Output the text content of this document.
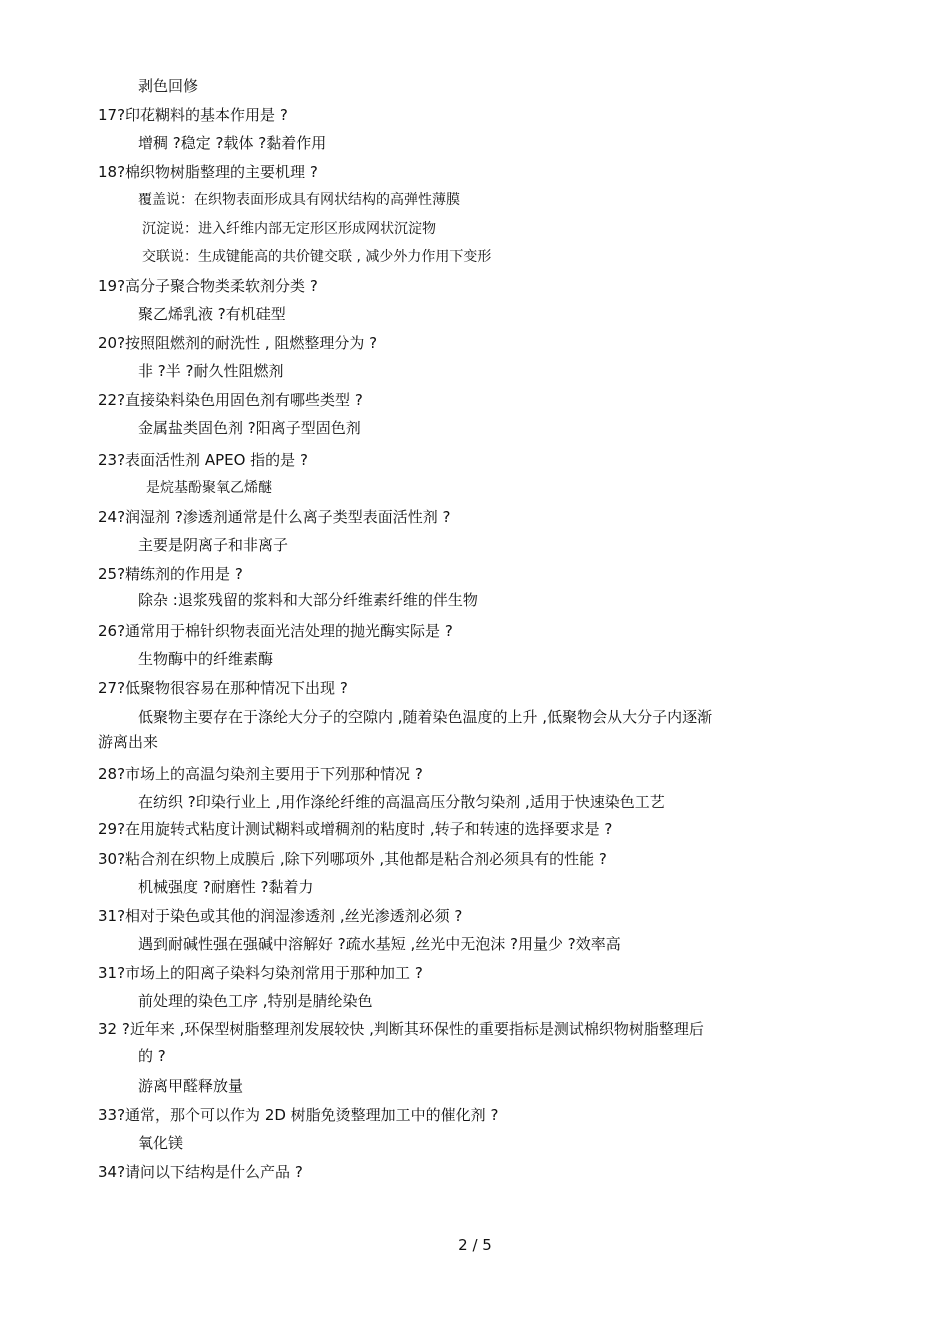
剥色回修
17?印花糊料的基本作用是 ?
增稠 ?稳定 ?载体 ?黏着作用
18?棉织物树脂整理的主要机理 ?
覆盖说：在织物表面形成具有网状结构的高弹性薄膜
沉淀说：进入纤维内部无定形区形成网状沉淀物
交联说：生成键能高的共价键交联 , 减少外力作用下变形
19?高分子聚合物类柔软剂分类 ?
聚乙烯乳液 ?有机硅型
20?按照阻燃剂的耐洗性 , 阻燃整理分为 ?
非 ?半 ?耐久性阻燃剂
22?直接染料染色用固色剂有哪些类型 ?
金属盐类固色剂 ?阳离子型固色剂
23?表面活性剂 APEO 指的是 ?
是烷基酚聚氧乙烯醚
24?润湿剂 ?渗透剂通常是什么离子类型表面活性剂 ?
主要是阴离子和非离子
25?精练剂的作用是 ?
除杂 :退浆残留的浆料和大部分纤维素纤维的伴生物
26?通常用于棉针织物表面光洁处理的抛光酶实际是 ?
生物酶中的纤维素酶
27?低聚物很容易在那种情况下出现 ?
低聚物主要存在于涤纶大分子的空隙内 ,随着染色温度的上升 ,低聚物会从大分子内逐渐
游离出来
28?市场上的高温匀染剂主要用于下列那种情况 ?
在纺织 ?印染行业上 ,用作涤纶纤维的高温高压分散匀染剂 ,适用于快速染色工艺
29?在用旋转式粘度计测试糊料或增稠剂的粘度时 ,转子和转速的选择要求是 ?
30?粘合剂在织物上成膜后 ,除下列哪项外 ,其他都是粘合剂必须具有的性能 ?
机械强度 ?耐磨性 ?黏着力
31?相对于染色或其他的润湿渗透剂 ,丝光渗透剂必须 ?
遇到耐碱性强在强碱中溶解好 ?疏水基短 ,丝光中无泡沫 ?用量少 ?效率高
31?市场上的阳离子染料匀染剂常用于那种加工 ?
前处理的染色工序 ,特别是腈纶染色
32 ?近年来 ,环保型树脂整理剂发展较快 ,判断其环保性的重要指标是测试棉织物树脂整理后
的 ?
游离甲醛释放量
33?通常，那个可以作为 2D 树脂免烫整理加工中的催化剂 ?
氧化镁
34?请问以下结构是什么产品 ?
2 / 5
